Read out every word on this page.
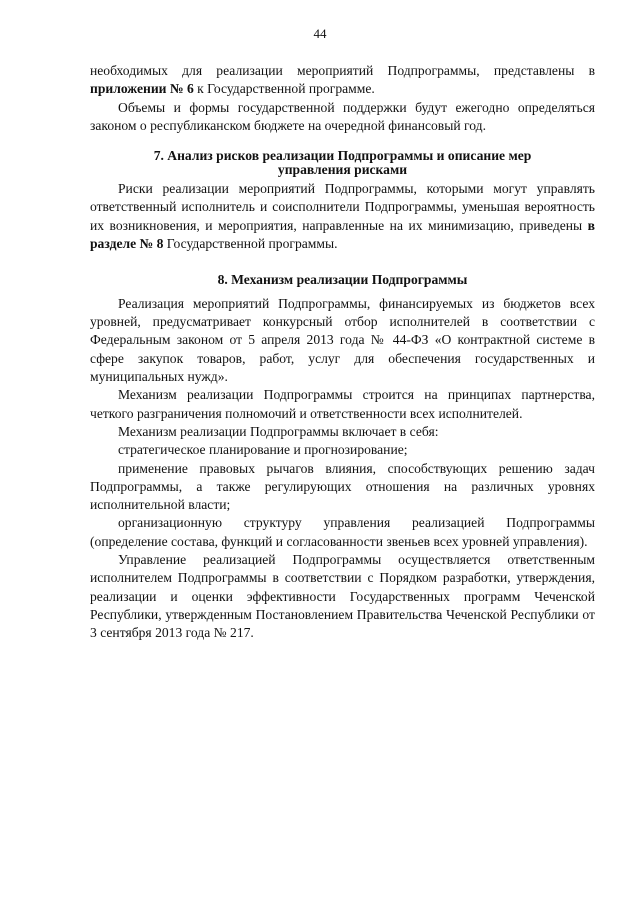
44

необходимых для реализации мероприятий Подпрограммы, представлены в приложении № 6 к Государственной программе.

Объемы и формы государственной поддержки будут ежегодно определяться законом о республиканском бюджете на очередной финансовый год.

7. Анализ рисков реализации Подпрограммы и описание мер
управления рисками

Риски реализации мероприятий Подпрограммы, которыми могут управлять ответственный исполнитель и соисполнители Подпрограммы, уменьшая вероятность их возникновения, и мероприятия, направленные на их минимизацию, приведены в разделе № 8 Государственной программы.

8. Механизм реализации Подпрограммы

Реализация мероприятий Подпрограммы, финансируемых из бюджетов всех уровней, предусматривает конкурсный отбор исполнителей в соответствии с Федеральным законом от 5 апреля 2013 года № 44-ФЗ «О контрактной системе в сфере закупок товаров, работ, услуг для обеспечения государственных и муниципальных нужд».

Механизм реализации Подпрограммы строится на принципах партнерства, четкого разграничения полномочий и ответственности всех исполнителей.

Механизм реализации Подпрограммы включает в себя:

стратегическое планирование и прогнозирование;

применение правовых рычагов влияния, способствующих решению задач Подпрограммы, а также регулирующих отношения на различных уровнях исполнительной власти;

организационную структуру управления реализацией Подпрограммы (определение состава, функций и согласованности звеньев всех уровней управления).

Управление реализацией Подпрограммы осуществляется ответственным исполнителем Подпрограммы в соответствии с Порядком разработки, утверждения, реализации и оценки эффективности Государственных программ Чеченской Республики, утвержденным Постановлением Правительства Чеченской Республики от 3 сентября 2013 года № 217.
